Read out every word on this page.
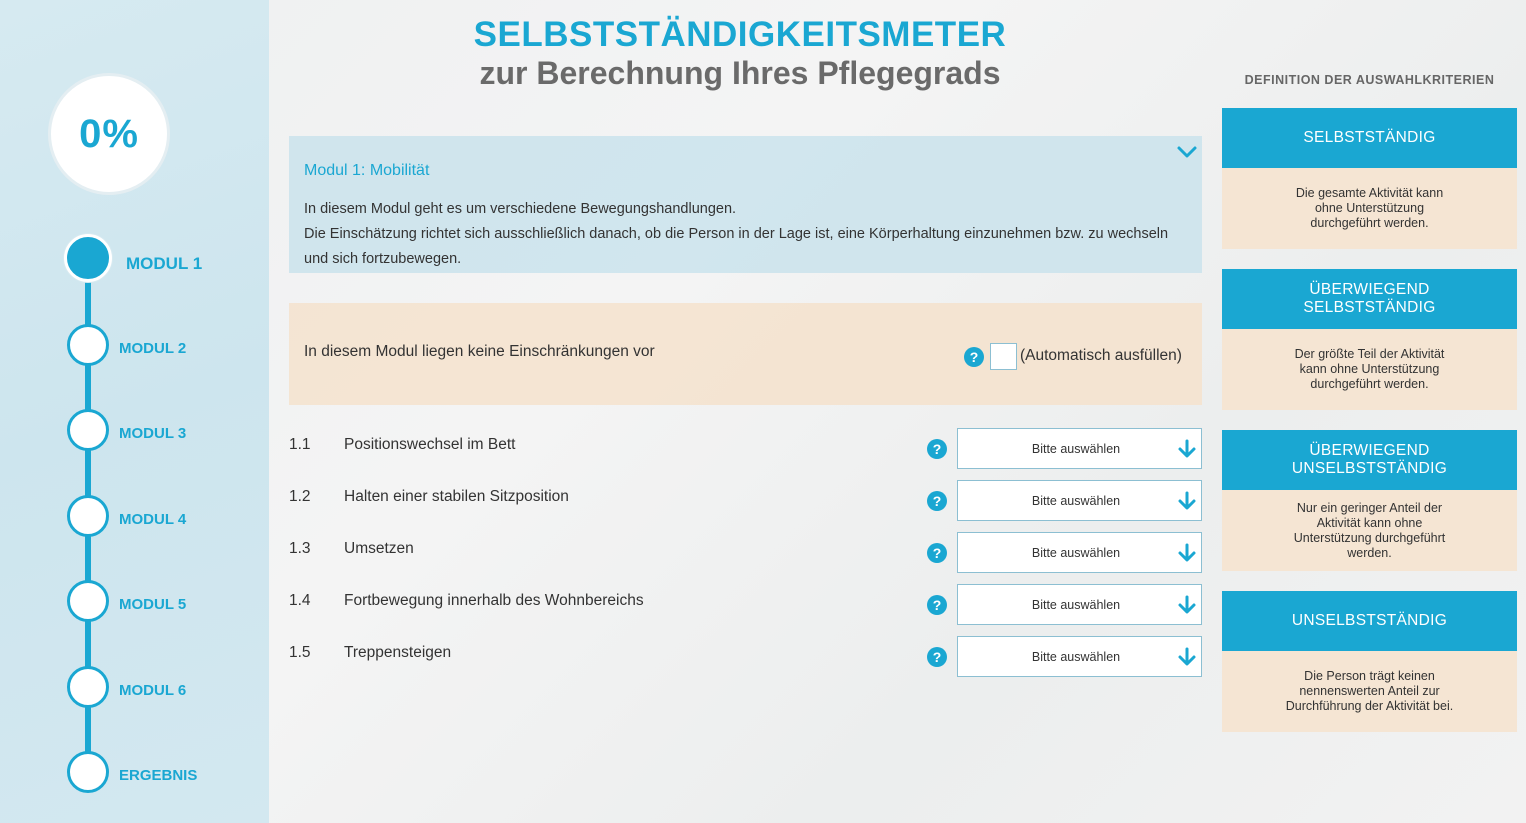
0%
MODUL 1
MODUL 2
MODUL 3
MODUL 4
MODUL 5
MODUL 6
ERGEBNIS
SELBSTSTÄNDIGKEITSMETER
zur Berechnung Ihres Pflegegrads
Modul 1: Mobilität
In diesem Modul geht es um verschiedene Bewegungshandlungen.
Die Einschätzung richtet sich ausschließlich danach, ob die Person in der Lage ist, eine Körperhaltung einzunehmen bzw. zu wechseln und sich fortzubewegen.
In diesem Modul liegen keine Einschränkungen vor	?	(Automatisch ausfüllen)
1.1 Positionswechsel im Bett	?	Bitte auswählen
1.2 Halten einer stabilen Sitzposition	?	Bitte auswählen
1.3 Umsetzen	?	Bitte auswählen
1.4 Fortbewegung innerhalb des Wohnbereichs	?	Bitte auswählen
1.5 Treppensteigen	?	Bitte auswählen
DEFINITION DER AUSWAHLKRITERIEN
SELBSTSTÄNDIG
Die gesamte Aktivität kann ohne Unterstützung durchgeführt werden.
ÜBERWIEGEND
SELBSTSTÄNDIG
Der größte Teil der Aktivität kann ohne Unterstützung durchgeführt werden.
ÜBERWIEGEND
UNSELBSTSTÄNDIG
Nur ein geringer Anteil der Aktivität kann ohne Unterstützung durchgeführt werden.
UNSELBSTSTÄNDIG
Die Person trägt keinen nennenswerten Anteil zur Durchführung der Aktivität bei.
